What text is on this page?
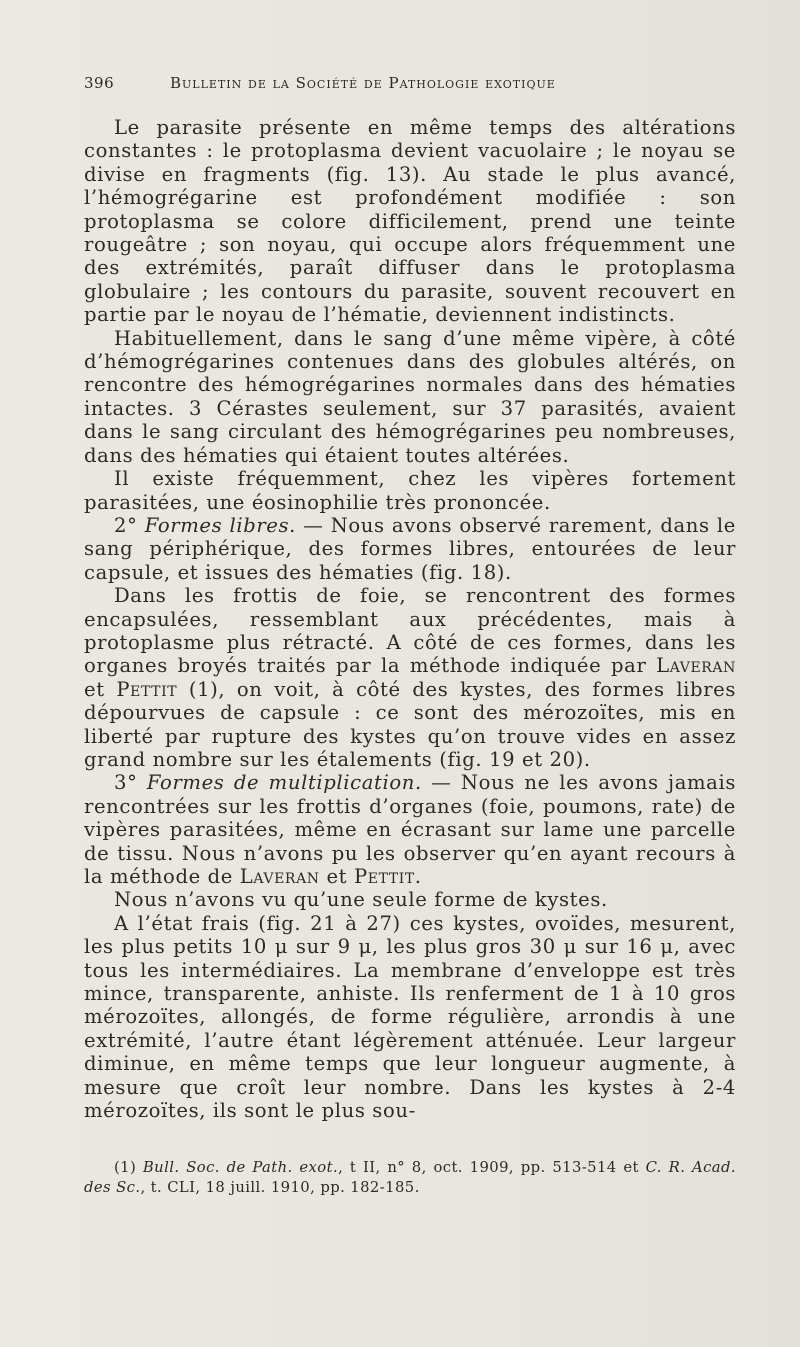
396	Bulletin de la Société de Pathologie exotique

Le parasite présente en même temps des altérations constantes : le protoplasma devient vacuolaire ; le noyau se divise en fragments (fig. 13). Au stade le plus avancé, l’hémogrégarine est profondément modifiée : son protoplasma se colore difficilement, prend une teinte rougeâtre ; son noyau, qui occupe alors fréquemment une des extrémités, paraît diffuser dans le protoplasma globulaire ; les contours du parasite, souvent recouvert en partie par le noyau de l’hématie, deviennent indistincts.

Habituellement, dans le sang d’une même vipère, à côté d’hémogrégarines contenues dans des globules altérés, on rencontre des hémogrégarines normales dans des hématies intactes. 3 Cérastes seulement, sur 37 parasités, avaient dans le sang circulant des hémogrégarines peu nombreuses, dans des hématies qui étaient toutes altérées.

Il existe fréquemment, chez les vipères fortement parasitées, une éosinophilie très prononcée.

2° Formes libres. — Nous avons observé rarement, dans le sang périphérique, des formes libres, entourées de leur capsule, et issues des hématies (fig. 18).

Dans les frottis de foie, se rencontrent des formes encapsulées, ressemblant aux précédentes, mais à protoplasme plus rétracté. A côté de ces formes, dans les organes broyés traités par la méthode indiquée par Laveran et Pettit (1), on voit, à côté des kystes, des formes libres dépourvues de capsule : ce sont des mérozoïtes, mis en liberté par rupture des kystes qu’on trouve vides en assez grand nombre sur les étalements (fig. 19 et 20).

3° Formes de multiplication. — Nous ne les avons jamais rencontrées sur les frottis d’organes (foie, poumons, rate) de vipères parasitées, même en écrasant sur lame une parcelle de tissu. Nous n’avons pu les observer qu’en ayant recours à la méthode de Laveran et Pettit.

Nous n’avons vu qu’une seule forme de kystes.

A l’état frais (fig. 21 à 27) ces kystes, ovoïdes, mesurent, les plus petits 10 μ sur 9 μ, les plus gros 30 μ sur 16 μ, avec tous les intermédiaires. La membrane d’enveloppe est très mince, transparente, anhiste. Ils renferment de 1 à 10 gros mérozoïtes, allongés, de forme régulière, arrondis à une extrémité, l’autre étant légèrement atténuée. Leur largeur diminue, en même temps que leur longueur augmente, à mesure que croît leur nombre. Dans les kystes à 2-4 mérozoïtes, ils sont le plus sou-

(1) Bull. Soc. de Path. exot., t II, n° 8, oct. 1909, pp. 513-514 et C. R. Acad. des Sc., t. CLI, 18 juill. 1910, pp. 182-185.
